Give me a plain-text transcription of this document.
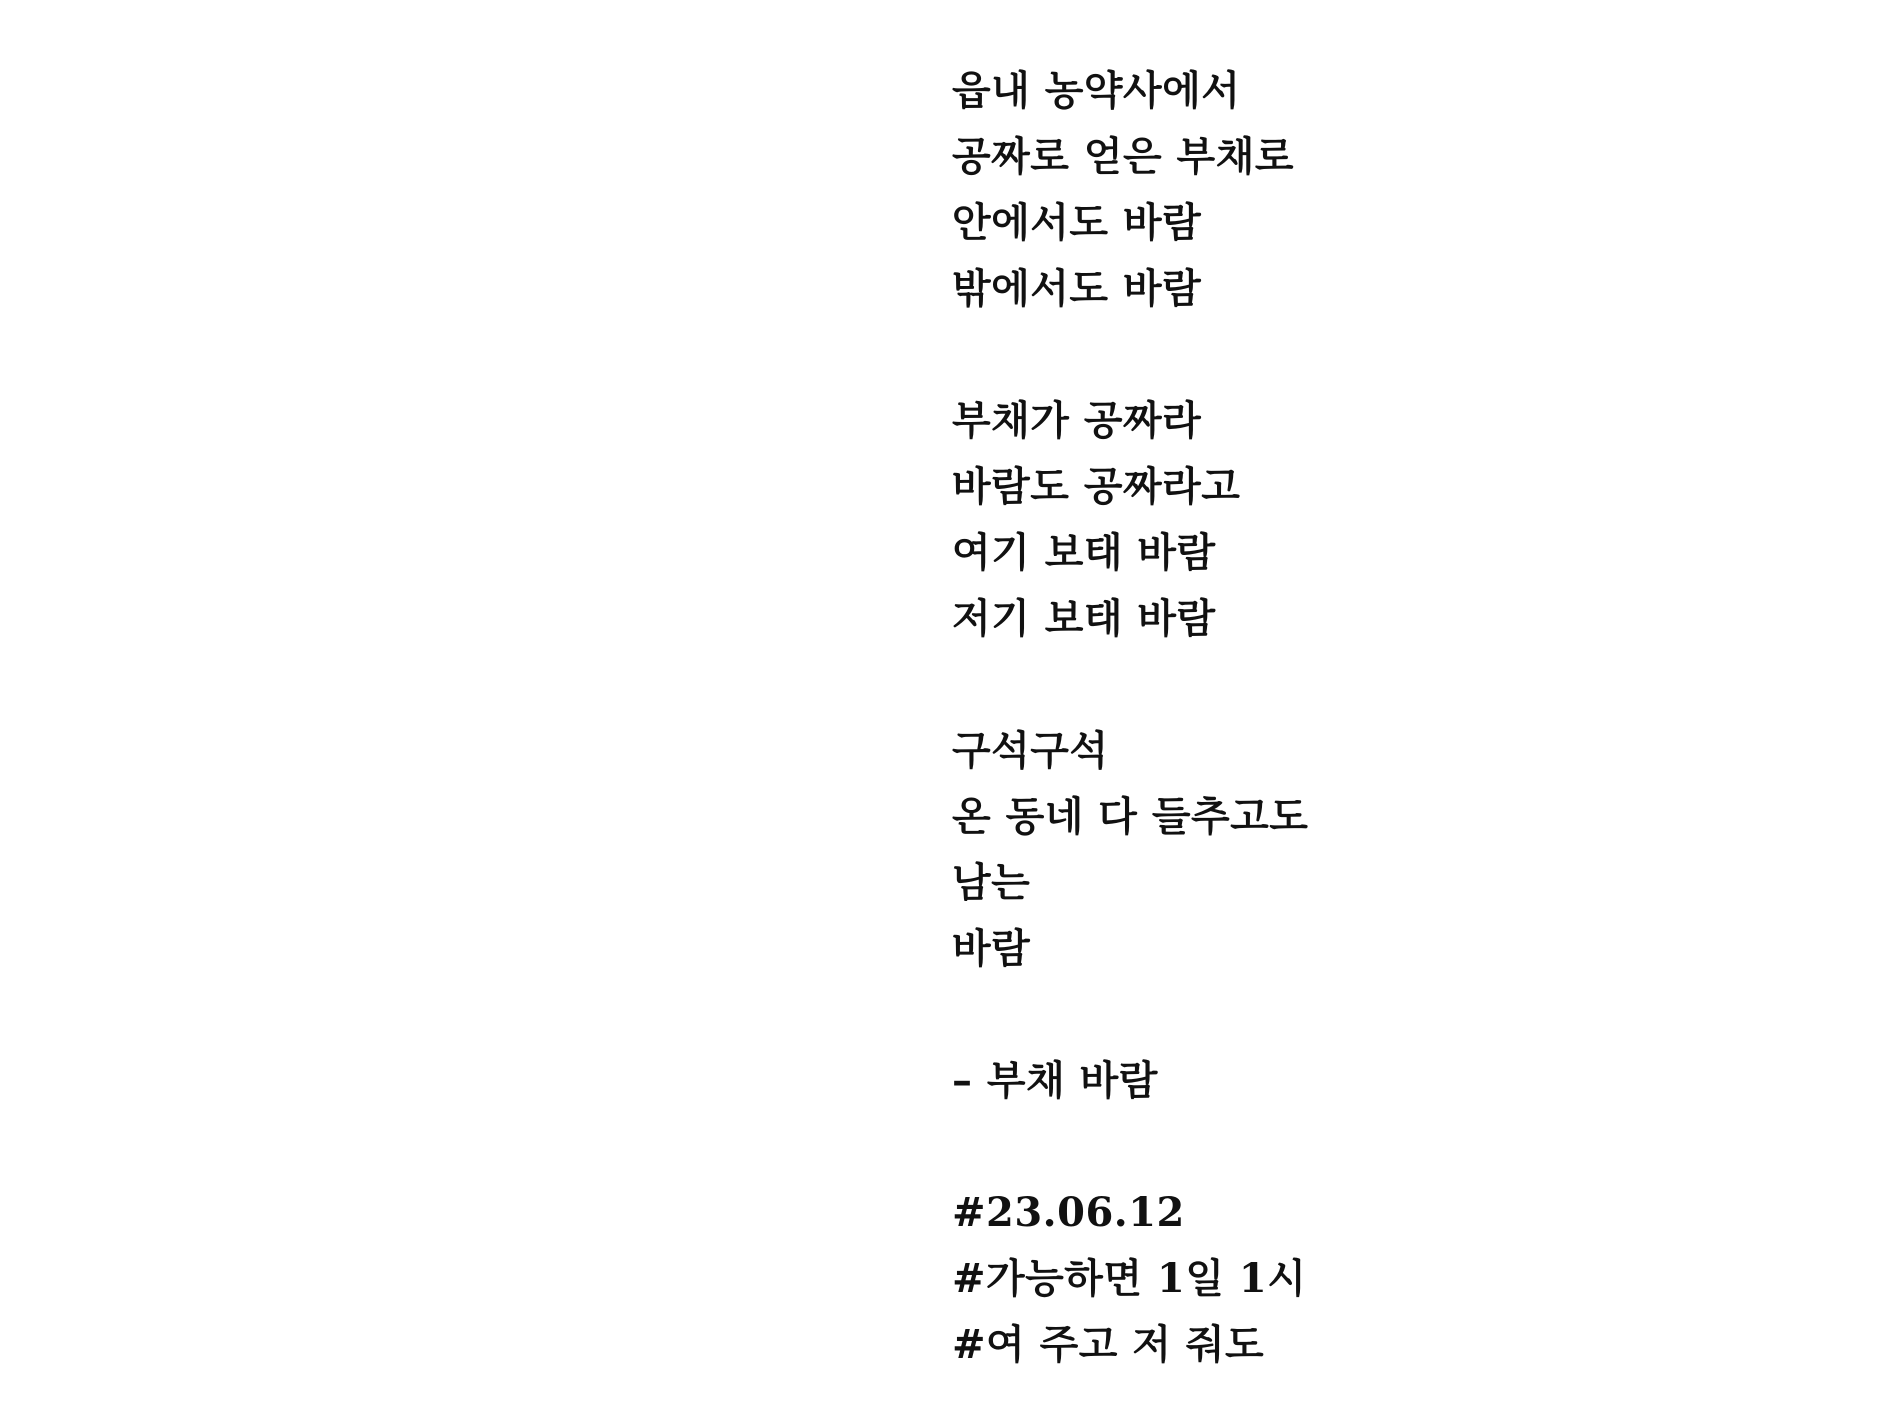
읍내 농약사에서
공짜로 얻은 부채로
안에서도 바람
밖에서도 바람
부채가 공짜라
바람도 공짜라고
여기 보태 바람
저기 보태 바람
구석구석
온 동네 다 들추고도
남는
바람
– 부채 바람
#23.06.12
#가능하면 1일 1시
#여 주고 저 줘도
